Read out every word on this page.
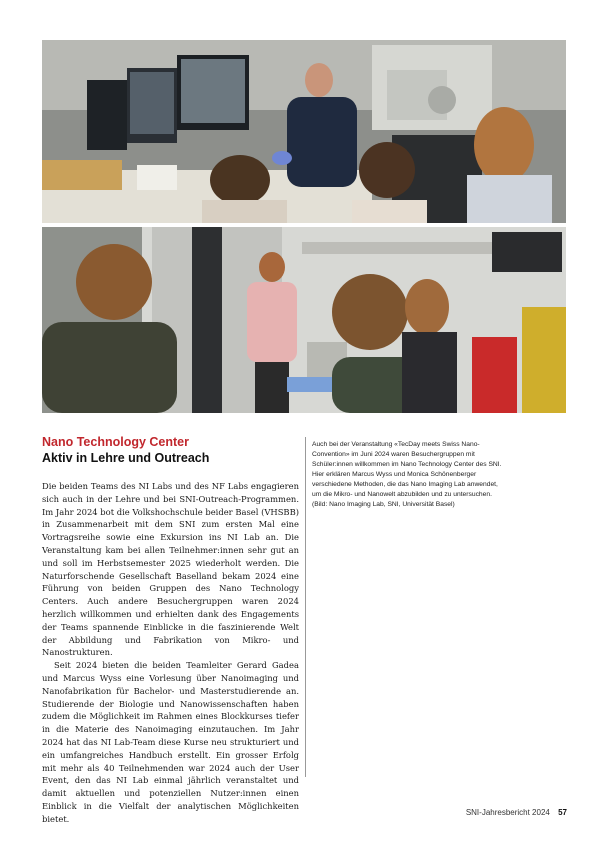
Nano Technology Center
Aktiv in Lehre und Outreach

Die beiden Teams des NI Labs und des NF Labs engagieren sich auch in der Lehre und bei SNI-Outreach-Programmen. Im Jahr 2024 bot die Volkshochschule beider Basel (VHSBB) in Zusammenarbeit mit dem SNI zum ersten Mal eine Vortragsreihe sowie eine Exkursion ins NI Lab an. Die Veranstaltung kam bei allen Teilnehmer:innen sehr gut an und soll im Herbstsemester 2025 wiederholt werden. Die Naturforschende Gesellschaft Baselland bekam 2024 eine Führung von beiden Gruppen des Nano Technology Centers. Auch andere Besuchergruppen waren 2024 herzlich willkommen und erhielten dank des Engagements der Teams spannende Einblicke in die faszinierende Welt der Abbildung und Fabrikation von Mikro- und Nanostrukturen.

Seit 2024 bieten die beiden Teamleiter Gerard Gadea und Marcus Wyss eine Vorlesung über Nanoimaging und Nanofabrikation für Bachelor- und Masterstudierende an. Studierende der Biologie und Nanowissenschaften haben zudem die Möglichkeit im Rahmen eines Blockkurses tiefer in die Materie des Nanoimaging einzutauchen. Im Jahr 2024 hat das NI Lab-Team diese Kurse neu strukturiert und ein umfangreiches Handbuch erstellt. Ein grosser Erfolg mit mehr als 40 Teilnehmenden war 2024 auch der User Event, den das NI Lab einmal jährlich veranstaltet und damit aktuellen und potenziellen Nutzer:innen einen Einblick in die Vielfalt der analytischen Möglichkeiten bietet.

Auch bei der Veranstaltung «TecDay meets Swiss Nano-Convention» im Juni 2024 waren Besuchergruppen mit Schüler:innen willkommen im Nano Technology Center des SNI. Hier erklären Marcus Wyss und Monica Schönenberger verschiedene Methoden, die das Nano Imaging Lab anwendet, um die Mikro- und Nanowelt abzubilden und zu untersuchen. (Bild: Nano Imaging Lab, SNI, Universität Basel)
SNI-Jahresbericht 2024 57
